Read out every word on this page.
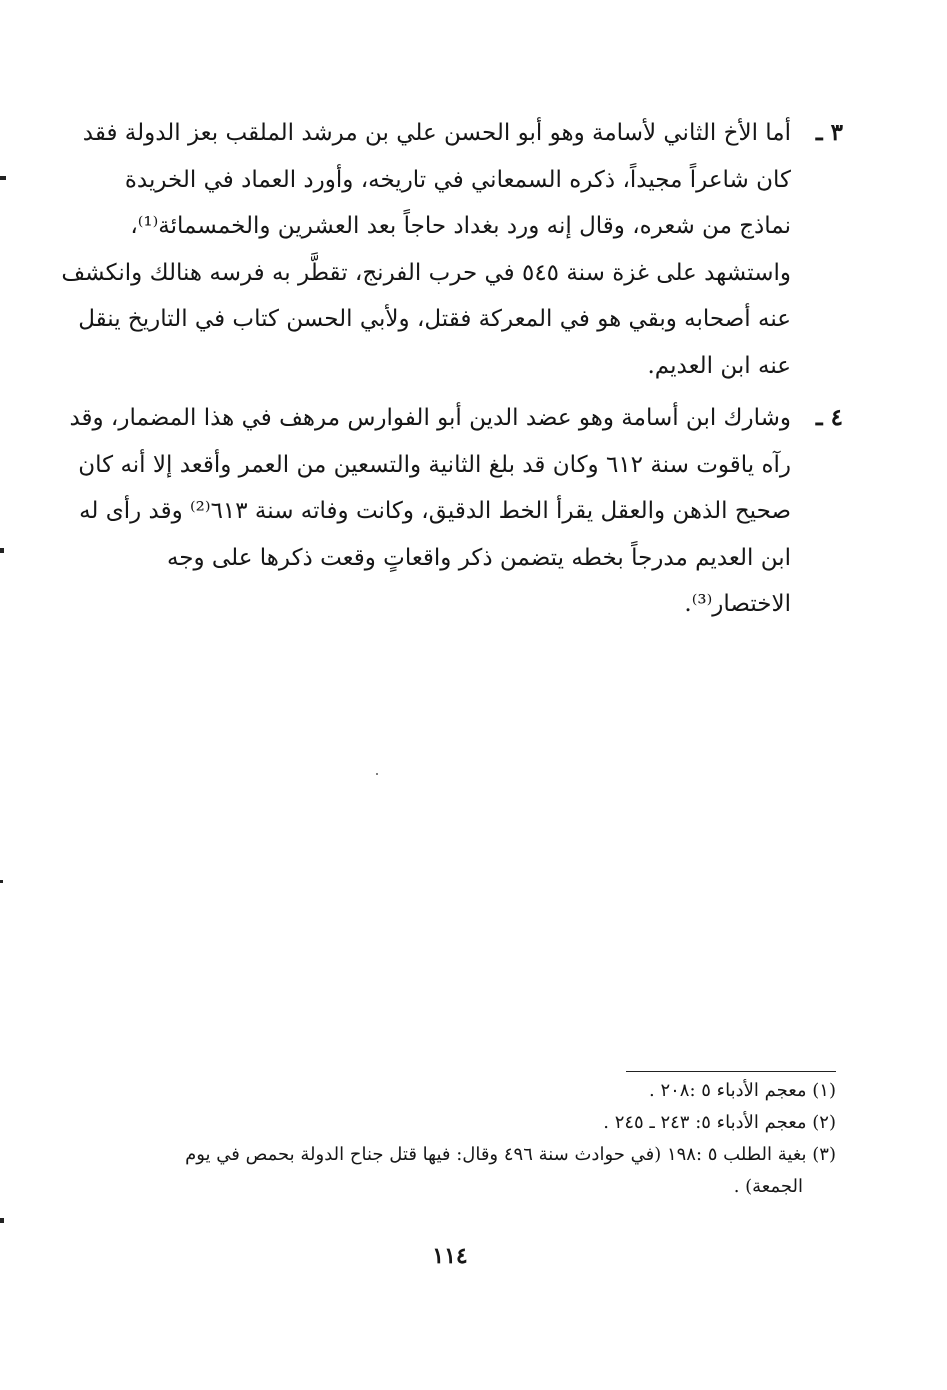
٣ ـ
أما الأخ الثاني لأسامة وهو أبو الحسن علي بن مرشد الملقب بعز الدولة فقد
كان شاعراً مجيداً، ذكره السمعاني في تاريخه، وأورد العماد في الخريدة
نماذج من شعره، وقال إنه ورد بغداد حاجاً بعد العشرين والخمسمائة⁽¹⁾،
واستشهد على غزة سنة ٥٤٥ في حرب الفرنج، تقطَّر به فرسه هنالك وانكشف
عنه أصحابه وبقي هو في المعركة فقتل، ولأبي الحسن كتاب في التاريخ ينقل
عنه ابن العديم.
٤ ـ
وشارك ابن أسامة وهو عضد الدين أبو الفوارس مرهف في هذا المضمار، وقد
رآه ياقوت سنة ٦١٢ وكان قد بلغ الثانية والتسعين من العمر وأقعد إلا أنه كان
صحيح الذهن والعقل يقرأ الخط الدقيق، وكانت وفاته سنة ٦١٣⁽²⁾ وقد رأى له
ابن العديم مدرجاً بخطه يتضمن ذكر واقعاتٍ وقعت ذكرها على وجه
الاختصار⁽³⁾.
(١) معجم الأدباء ٥ :٢٠٨ .
(٢) معجم الأدباء ٥: ٢٤٣ ـ ٢٤٥ .
(٣) بغية الطلب ٥ :١٩٨ (في حوادث سنة ٤٩٦ وقال: فيها قتل جناح الدولة بحمص في يوم
الجمعة) .
١١٤
